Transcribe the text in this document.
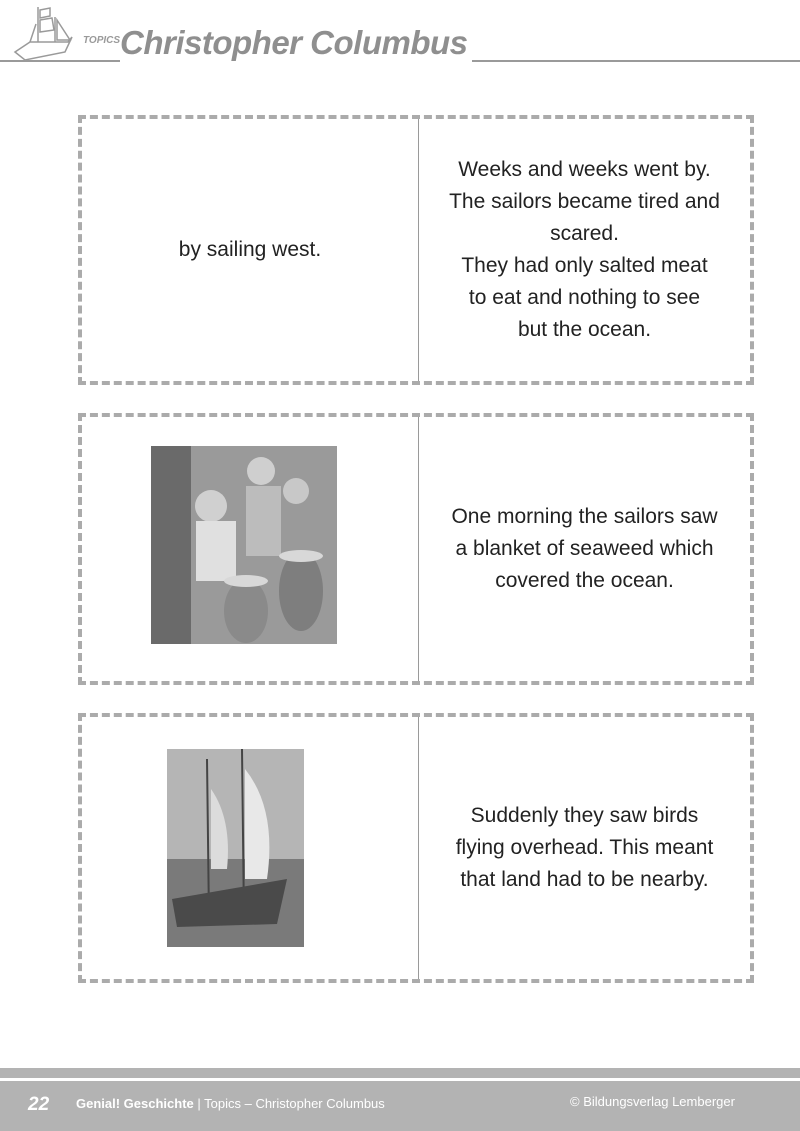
TOPICS Christopher Columbus
by sailing west.
Weeks and weeks went by.
The sailors became tired and
scared.
They had only salted meat
to eat and nothing to see
but the ocean.
One morning the sailors saw
a blanket of seaweed which
covered the ocean.
Suddenly they saw birds
flying overhead. This meant
that land had to be nearby.
22 Genial! Geschichte | Topics – Christopher Columbus	© Bildungsverlag Lemberger
